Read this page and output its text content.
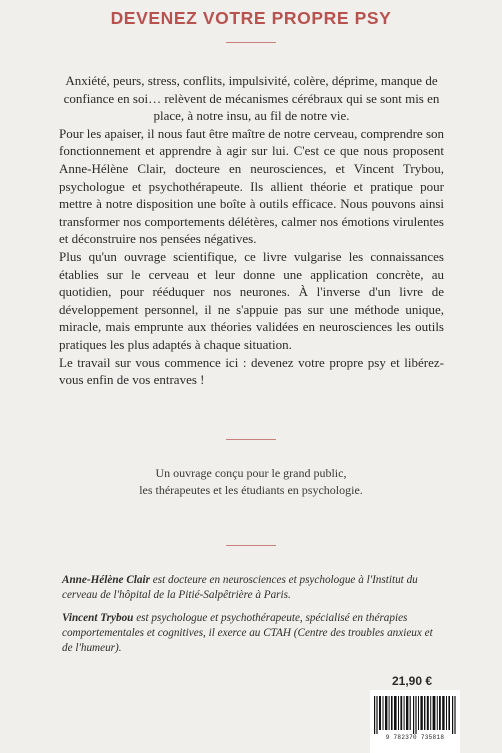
DEVENEZ VOTRE PROPRE PSY

Anxiété, peurs, stress, conflits, impulsivité, colère, déprime, manque de confiance en soi… relèvent de mécanismes cérébraux qui se sont mis en place, à notre insu, au fil de notre vie.

Pour les apaiser, il nous faut être maître de notre cerveau, comprendre son fonctionnement et apprendre à agir sur lui. C'est ce que nous proposent Anne-Hélène Clair, docteure en neurosciences, et Vincent Trybou, psychologue et psychothérapeute. Ils allient théorie et pratique pour mettre à notre disposition une boîte à outils efficace. Nous pouvons ainsi transformer nos comportements délétères, calmer nos émotions virulentes et déconstruire nos pensées négatives.

Plus qu'un ouvrage scientifique, ce livre vulgarise les connaissances établies sur le cerveau et leur donne une application concrète, au quotidien, pour rééduquer nos neurones. À l'inverse d'un livre de développement personnel, il ne s'appuie pas sur une méthode unique, miracle, mais emprunte aux théories validées en neurosciences les outils pratiques les plus adaptés à chaque situation.

Le travail sur vous commence ici : devenez votre propre psy et libérez-vous enfin de vos entraves !

Un ouvrage conçu pour le grand public,
les thérapeutes et les étudiants en psychologie.

Anne-Hélène Clair est docteure en neurosciences et psychologue à l'Institut du cerveau de l'hôpital de la Pitié-Salpêtrière à Paris.

Vincent Trybou est psychologue et psychothérapeute, spécialisé en thérapies comportementales et cognitives, il exerce au CTAH (Centre des troubles anxieux et de l'humeur).

21,90 €
9 782370 735818
